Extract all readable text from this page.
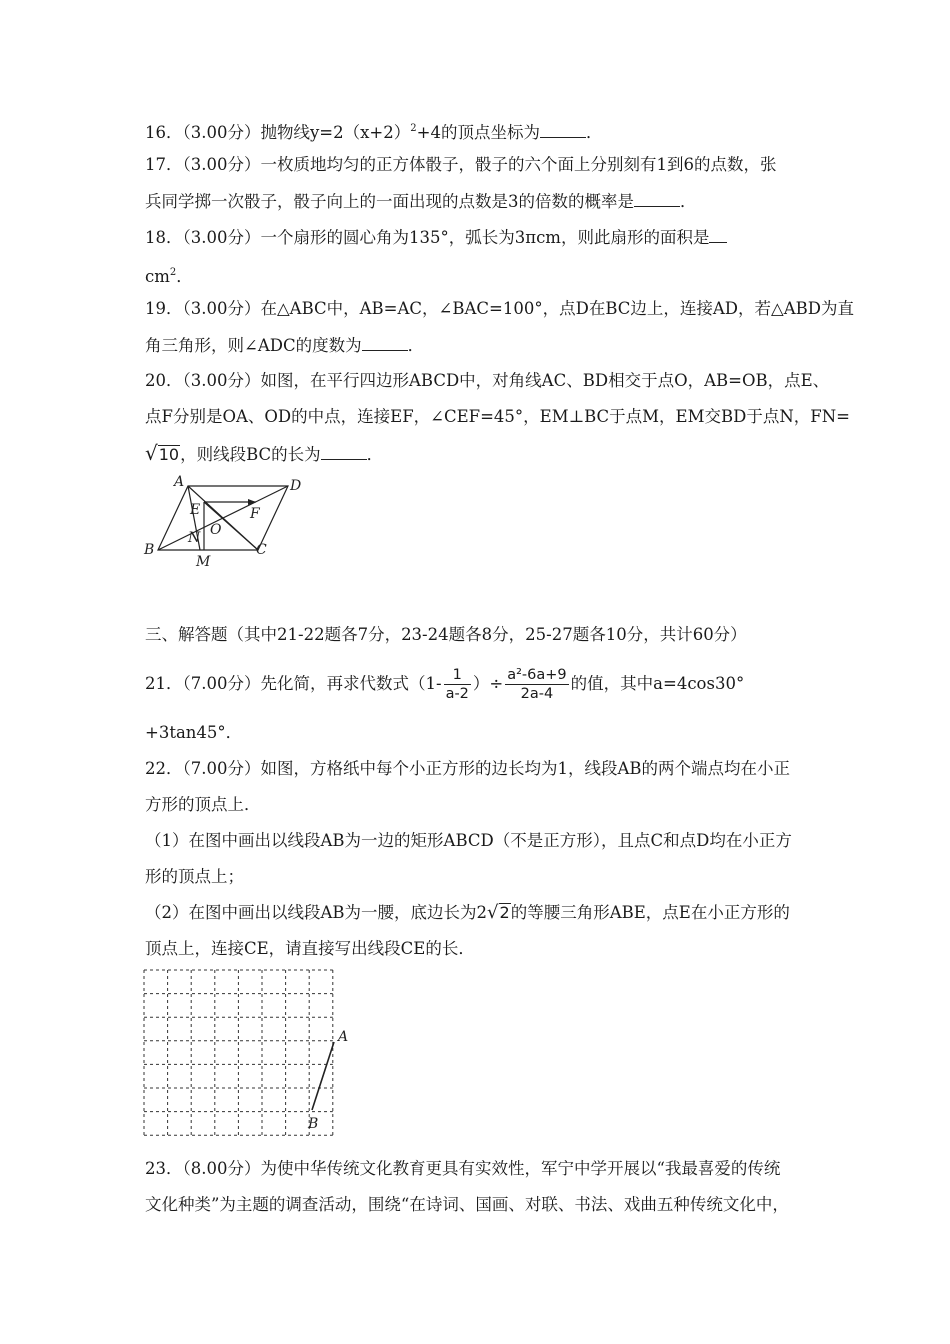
16．（3.00分）抛物线$y=2(x+2)^2+4$的顶点坐标为	．
17．（3.00分）一枚质地均匀的正方体骰子，骰子的六个面上分别刻有1到6的点数，张
兵同学掷一次骰子，骰子向上的一面出现的点数是3的倍数的概率是	．
18．（3.00分）一个扇形的圆心角为135°，弧长为3πcm，则此扇形的面积是
$cm^2$．
19．（3.00分）在△ABC中，AB=AC，∠BAC=100°，点D在BC边上，连接AD，若△ABD为直
角三角形，则∠ADC的度数为	．
20．（3.00分）如图，在平行四边形ABCD中，对角线AC、BD相交于点O，AB=OB，点E、
点F分别是OA、OD的中点，连接EF，∠CEF=45°，EM⊥BC于点M，EM交BD于点N，FN=
√10，则线段BC的长为	．
A	D
E	F
O
N
B
M
C
三、解答题（其中21-22题各7分，23-24题各8分，25-27题各10分，共计60分）
21．（7.00分）先化简，再求代数式（$1- \frac{1}{a-2}$ ）÷ $\frac{\text{a²-6a+9}}{2a-4}$ 的值，其中a=4cos30°
+3tan45°．
22．（7.00分）如图，方格纸中每个小正方形的边长均为1，线段AB的两个端点均在小正
方形的顶点上．
（1）在图中画出以线段AB为一边的矩形ABCD（不是正方形），且点C和点D均在小正方
形的顶点上；
（2）在图中画出以线段AB为一腰，底边长为2√2的等腰三角形ABE，点E在小正方形的
顶点上，连接CE，请直接写出线段CE的长．
A
B
23．（8.00分）为使中华传统文化教育更具有实效性，军宁中学开展以“我最喜爱的传统
文化种类”为主题的调查活动，围绕“在诗词、国画、对联、书法、戏曲五种传统文化中，
